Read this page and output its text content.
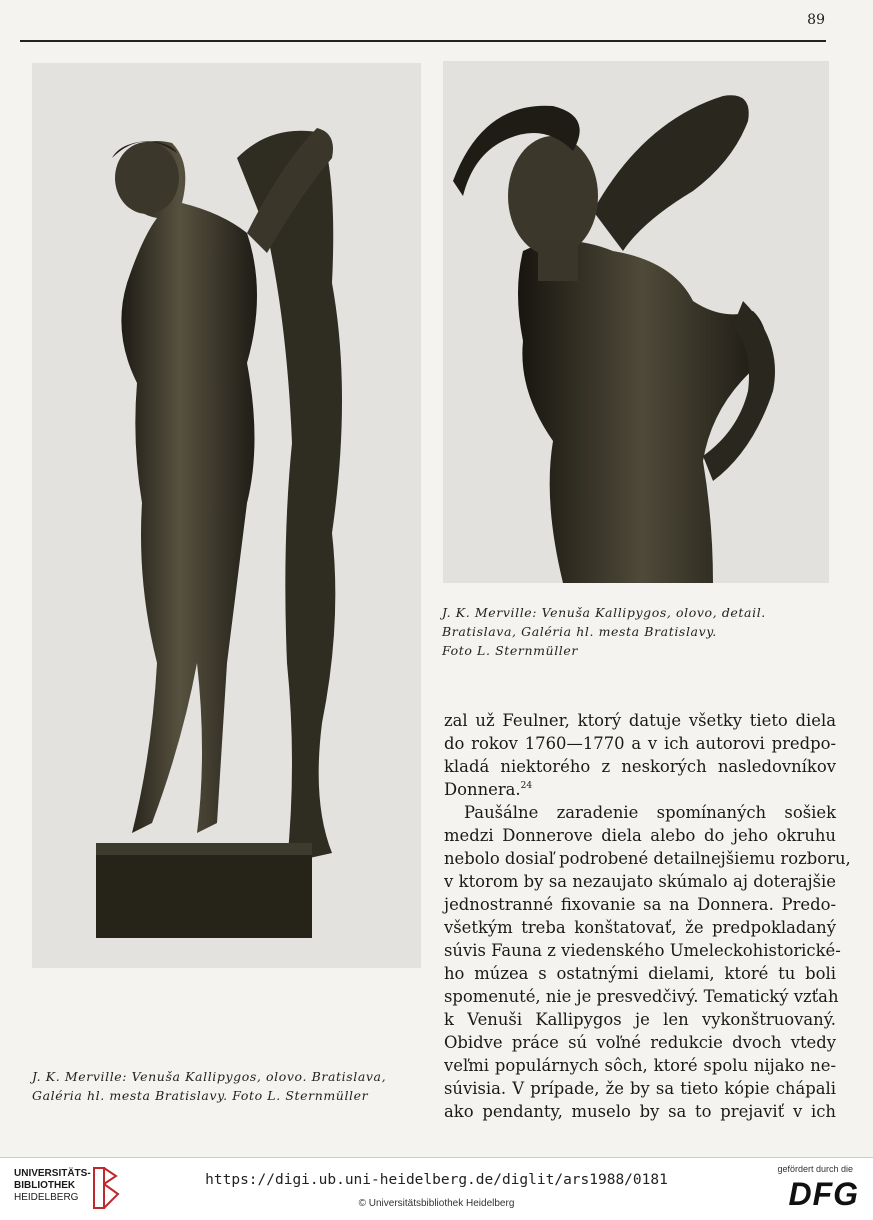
89
J. K. Merville: Venuša Kallipygos, olovo. Bratislava,
Galéria hl. mesta Bratislavy. Foto L. Sternmüller
J. K. Merville: Venuša Kallipygos, olovo, detail.
Bratislava, Galéria hl. mesta Bratislavy.
Foto L. Sternmüller
zal už Feulner, ktorý datuje všetky tieto diela
do rokov 1760—1770 a v ich autorovi predpo-
kladá niektorého z neskorých nasledovníkov
Donnera.$^{24}$
Paušálne zaradenie spomínaných sošiek
medzi Donnerove diela alebo do jeho okruhu
nebolo dosiaľ podrobené detailnejšiemu rozboru,
v ktorom by sa nezaujato skúmalo aj doterajšie
jednostranné fixovanie sa na Donnera. Predo-
všetkým treba konštatovať, že predpokladaný
súvis Fauna z viedenského Umeleckohistorické-
ho múzea s ostatnými dielami, ktoré tu boli
spomenuté, nie je presvedčivý. Tematický vzťah
k Venuši Kallipygos je len vykonštruovaný.
Obidve práce sú voľné redukcie dvoch vtedy
veľmi populárnych sôch, ktoré spolu nijako ne-
súvisia. V prípade, že by sa tieto kópie chápali
ako pendanty, muselo by sa to prejaviť v ich
UNIVERSITÄTS-
BIBLIOTHEK
HEIDELBERG
https://digi.ub.uni-heidelberg.de/diglit/ars1988/0181
© Universitätsbibliothek Heidelberg
gefördert durch die
DFG
